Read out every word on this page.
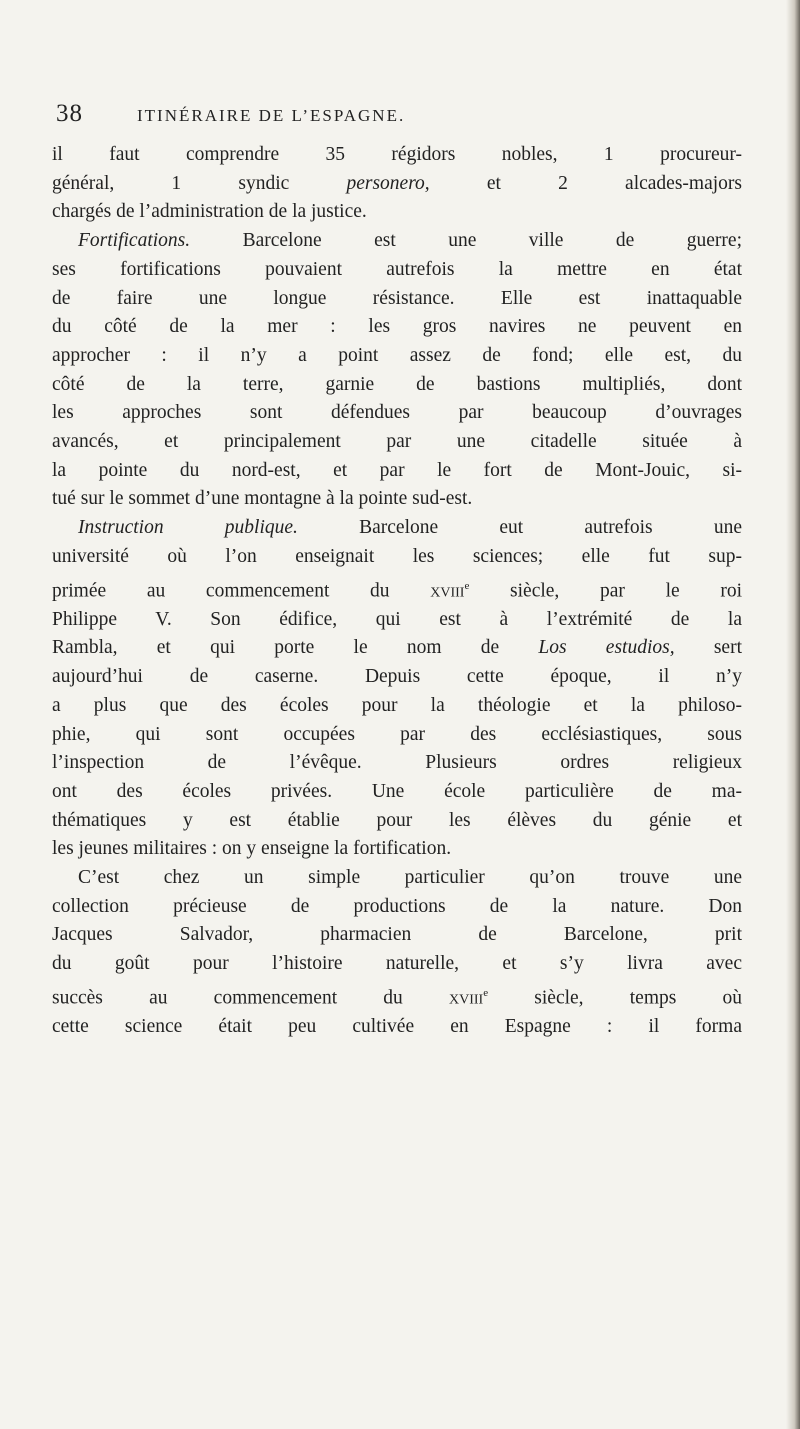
38	ITINÉRAIRE DE L’ESPAGNE.
il faut comprendre 35 régidors nobles, 1 procureur-
général, 1 syndic personero, et 2 alcades-majors
chargés de l’administration de la justice.
Fortifications. Barcelone est une ville de guerre;
ses fortifications pouvaient autrefois la mettre en état
de faire une longue résistance. Elle est inattaquable
du côté de la mer : les gros navires ne peuvent en
approcher : il n’y a point assez de fond; elle est, du
côté de la terre, garnie de bastions multipliés, dont
les approches sont défendues par beaucoup d’ouvrages
avancés, et principalement par une citadelle située à
la pointe du nord-est, et par le fort de Mont-Jouic, si-
tué sur le sommet d’une montagne à la pointe sud-est.
Instruction publique. Barcelone eut autrefois une
université où l’on enseignait les sciences; elle fut sup-
primée au commencement du xviii$^e$ siècle, par le roi
Philippe V. Son édifice, qui est à l’extrémité de la
Rambla, et qui porte le nom de Los estudios, sert
aujourd’hui de caserne. Depuis cette époque, il n’y
a plus que des écoles pour la théologie et la philoso-
phie, qui sont occupées par des ecclésiastiques, sous
l’inspection de l’évêque. Plusieurs ordres religieux
ont des écoles privées. Une école particulière de ma-
thématiques y est établie pour les élèves du génie et
les jeunes militaires : on y enseigne la fortification.
C’est chez un simple particulier qu’on trouve une
collection précieuse de productions de la nature. Don
Jacques Salvador, pharmacien de Barcelone, prit
du goût pour l’histoire naturelle, et s’y livra avec
succès au commencement du xviii$^e$ siècle, temps où
cette science était peu cultivée en Espagne : il forma
